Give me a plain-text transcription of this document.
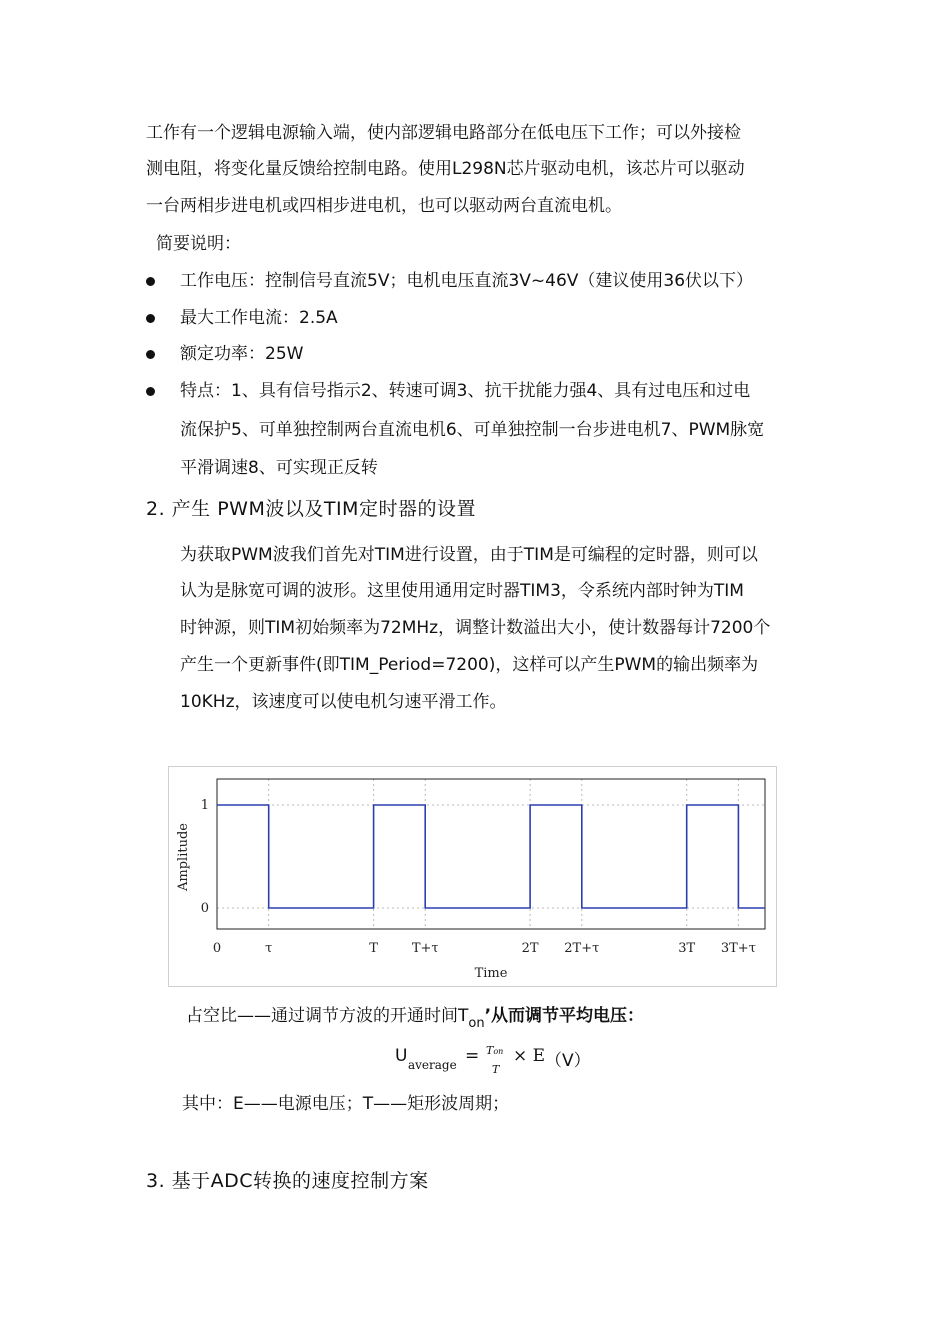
工作有一个逻辑电源输入端，使内部逻辑电路部分在低电压下工作；可以外接检
测电阻，将变化量反馈给控制电路。使用L298N芯片驱动电机，该芯片可以驱动
一台两相步进电机或四相步进电机，也可以驱动两台直流电机。
简要说明：
工作电压：控制信号直流5V；电机电压直流3V~46V（建议使用36伏以下）
最大工作电流：2.5A
额定功率：25W
特点：1、具有信号指示2、转速可调3、抗干扰能力强4、具有过电压和过电
流保护5、可单独控制两台直流电机6、可单独控制一台步进电机7、PWM脉宽
平滑调速8、可实现正反转
2. 产生 PWM波以及TIM定时器的设置
为获取PWM波我们首先对TIM进行设置，由于TIM是可编程的定时器，则可以
认为是脉宽可调的波形。这里使用通用定时器TIM3，令系统内部时钟为TIM
时钟源，则TIM初始频率为72MHz，调整计数溢出大小，使计数器每计7200个
产生一个更新事件(即TIM_Period=7200)，这样可以产生PWM的输出频率为
10KHz，该速度可以使电机匀速平滑工作。
0	τ	T	T+τ	2T 2T+τ	3T 3T+τ
0
1
Amplitude
Time
占空比——通过调节方波的开通时间$T_{on}$’从而调节平均电压：
U average = Ton
T
× E （V）
其中：E——电源电压；T——矩形波周期；
3. 基于ADC转换的速度控制方案
